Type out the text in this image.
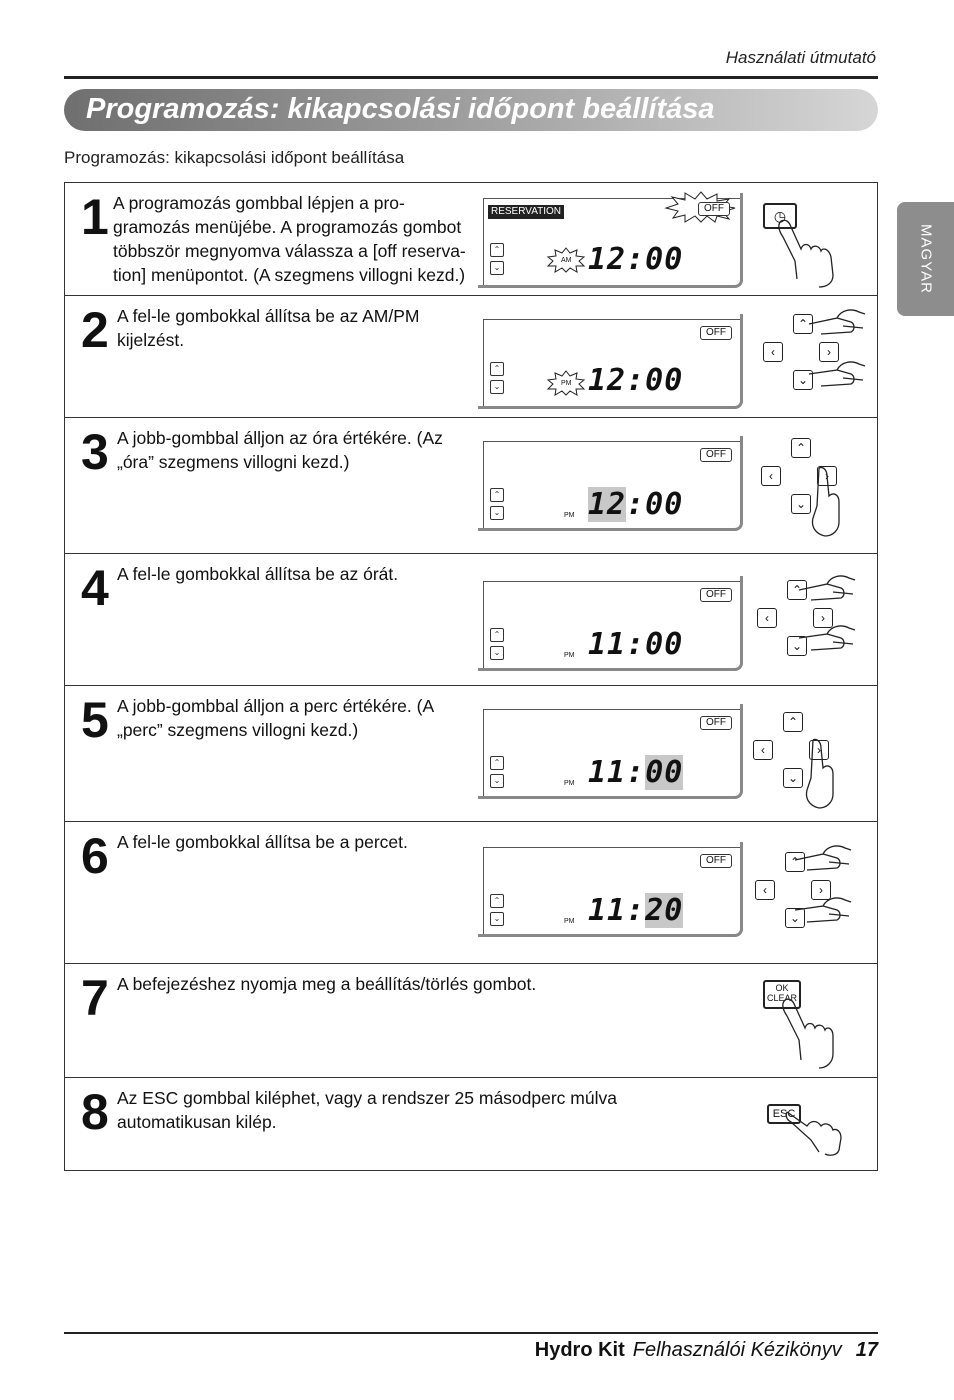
Használati útmutató
Programozás: kikapcsolási időpont beállítása
Programozás: kikapcsolási időpont beállítása
MAGYAR
1 A programozás gombbal lépjen a pro-gramozás menüjébe. A programozás gombot többször megnyomva válassza a [off reserva-tion] menüpontot. (A szegmens villogni kezd.)
RESERVATION	OFF
⌃
⌄
AM 12:00
◷
2 A fel-le gombokkal állítsa be az AM/PM kijelzést.	OFF
⌃
⌄	PM 12:00
⌃
‹	›
⌄
3 A jobb-gombbal álljon az óra értékére. (Az „óra” szegmens villogni kezd.)	OFF
⌃
⌄	PM 12:00
⌃
‹	›
⌄
4 A fel-le gombokkal állítsa be az órát.
OFF
⌃
⌄	PM 11:00
⌃
‹	›
⌄
5 A jobb-gombbal álljon a perc értékére. (A „perc” szegmens villogni kezd.)	OFF
⌃
⌄	PM 11:00
⌃
‹	›
⌄
6 A fel-le gombokkal állítsa be a percet.
OFF
⌃
⌄	PM 11:20
⌃
‹	›
⌄
7 A befejezéshez nyomja meg a beállítás/törlés gombot.	OK
CLEAR
8 Az ESC gombbal kiléphet, vagy a rendszer 25 másodperc múlva automatikusan kilép.	ESC
Hydro Kit Felhasználói Kézikönyv 17
